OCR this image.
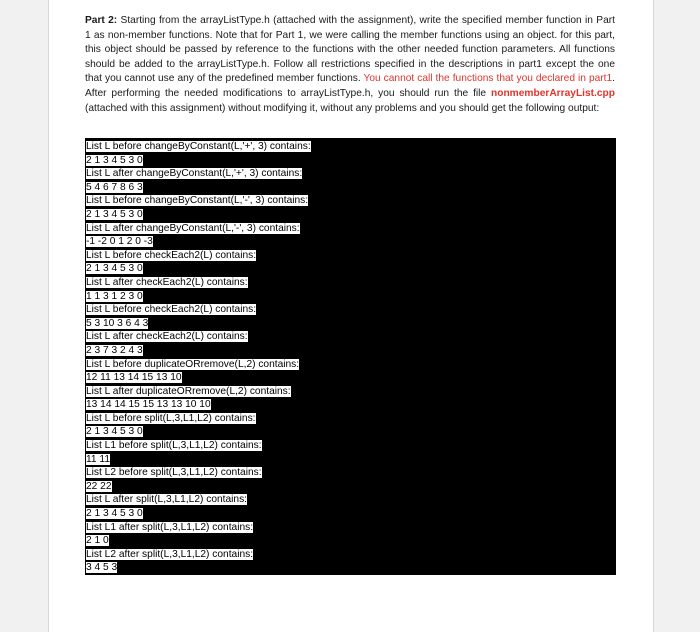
Part 2: Starting from the arrayListType.h (attached with the assignment), write the specified member function in Part 1 as non-member functions. Note that for Part 1, we were calling the member functions using an object. for this part, this object should be passed by reference to the functions with the other needed function parameters. All functions should be added to the arrayListType.h. Follow all restrictions specified in the descriptions in part1 except the one that you cannot use any of the predefined member functions. You cannot call the functions that you declared in part1. After performing the needed modifications to arrayListType.h, you should run the file nonmemberArrayList.cpp (attached with this assignment) without modifying it, without any problems and you should get the following output:

List L before changeByConstant(L,'+', 3) contains:
2 1 3 4 5 3 0
List L after changeByConstant(L,'+', 3) contains:
5 4 6 7 8 6 3
List L before changeByConstant(L,'-', 3) contains:
2 1 3 4 5 3 0
List L after changeByConstant(L,'-', 3) contains:
-1 -2 0 1 2 0 -3
List L before checkEach2(L) contains:
2 1 3 4 5 3 0
List L after checkEach2(L) contains:
1 1 3 1 2 3 0
List L before checkEach2(L) contains:
5 3 10 3 6 4 3
List L after checkEach2(L) contains:
2 3 7 3 2 4 3
List L before duplicateORremove(L,2) contains:
12 11 13 14 15 13 10
List L after duplicateORremove(L,2) contains:
13 14 14 15 15 13 13 10 10
List L before split(L,3,L1,L2) contains:
2 1 3 4 5 3 0
List L1 before split(L,3,L1,L2) contains:
11 11
List L2 before split(L,3,L1,L2) contains:
22 22
List L after split(L,3,L1,L2) contains:
2 1 3 4 5 3 0
List L1 after split(L,3,L1,L2) contains:
2 1 0
List L2 after split(L,3,L1,L2) contains:
3 4 5 3
